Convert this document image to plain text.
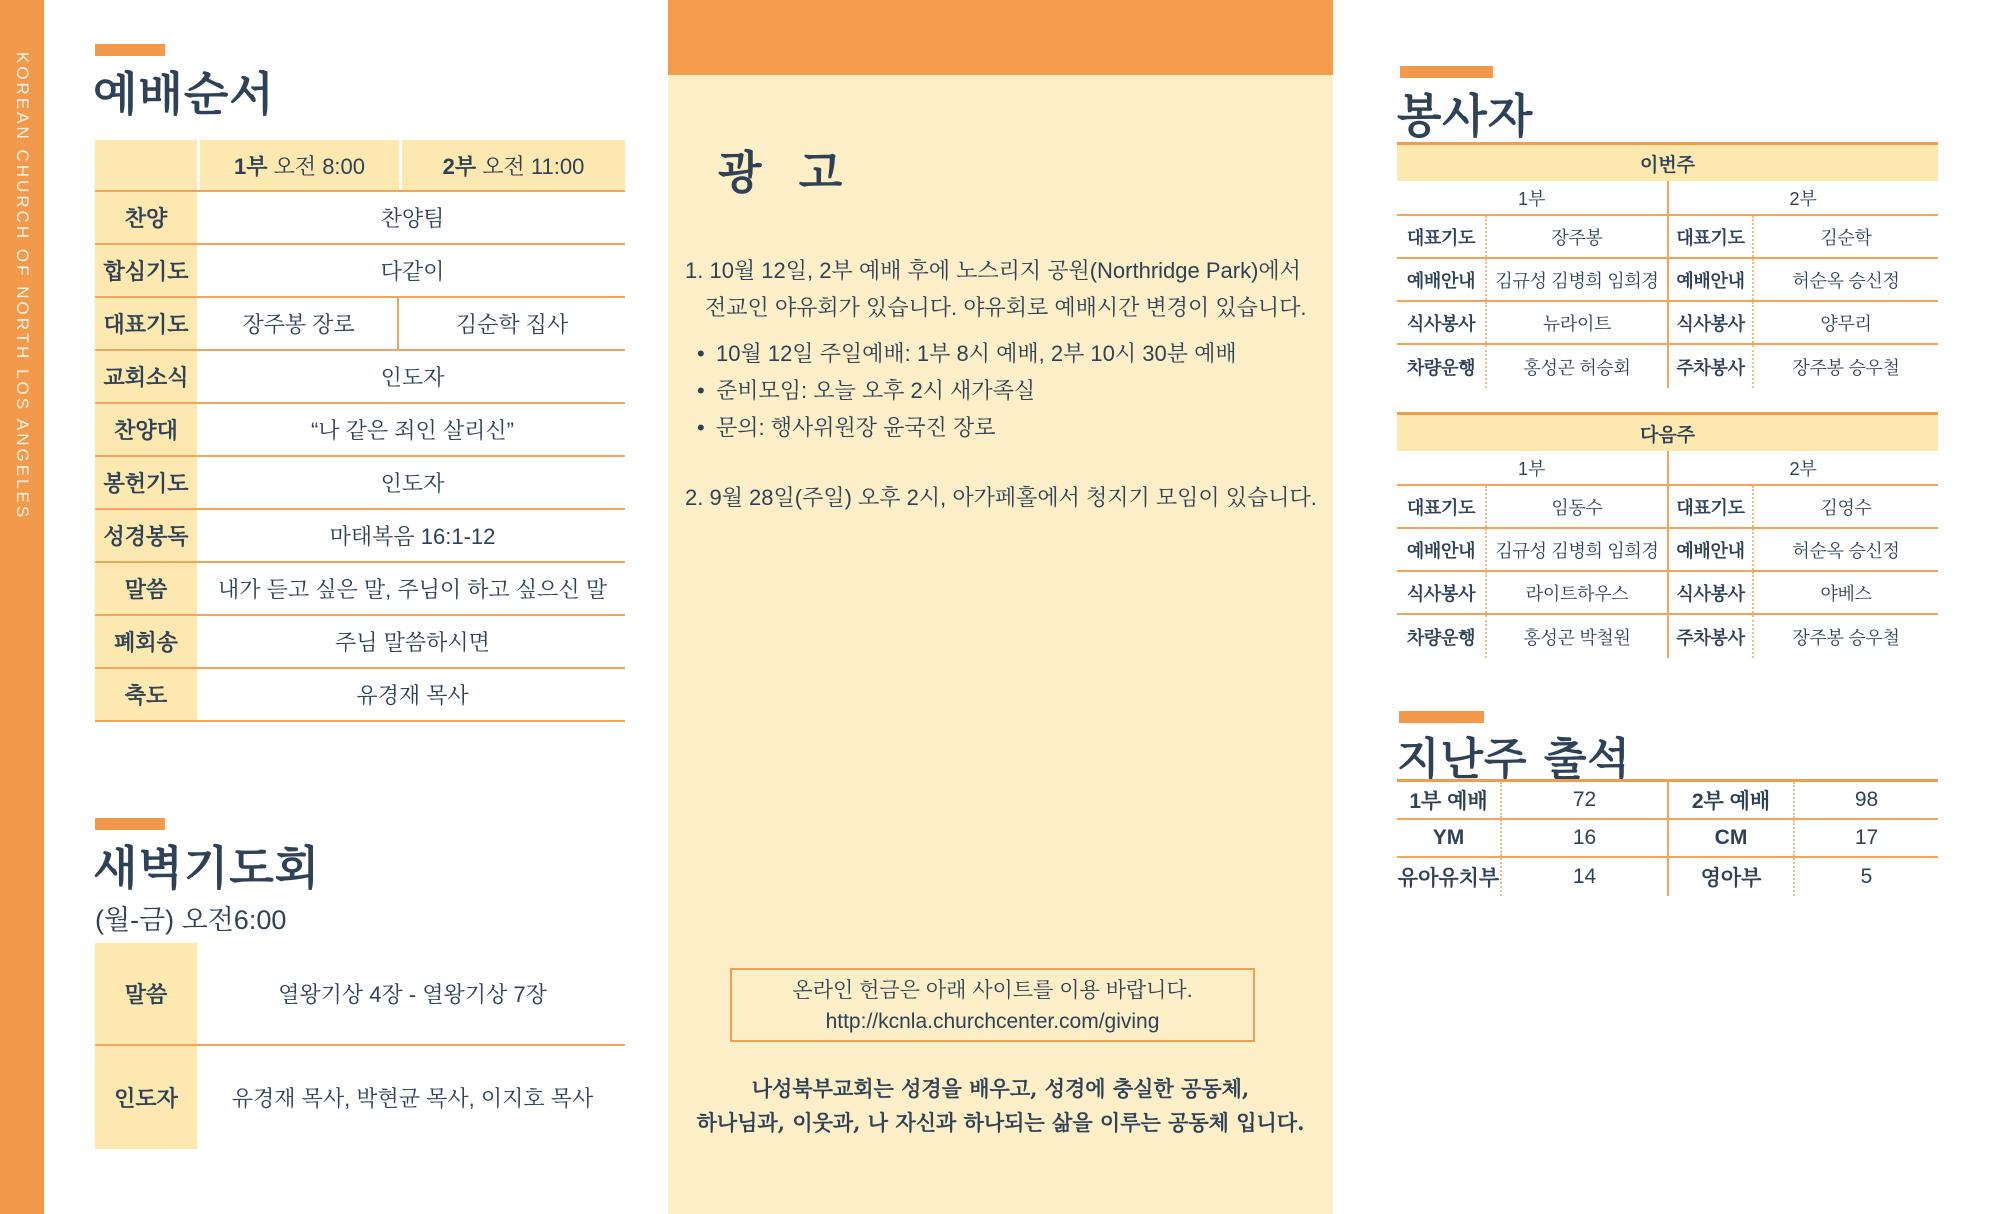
KOREAN CHURCH OF NORTH LOS ANGELES 예배순서
1부 오전 8:00	2부 오전 11:00
찬양	찬양팀
합심기도	다같이
대표기도	장주봉 장로	김순학 집사
교회소식	인도자
찬양대	“나 같은 죄인 살리신”
봉헌기도	인도자
성경봉독	마태복음 16:1-12
말씀	내가 듣고 싶은 말, 주님이 하고 싶으신 말
폐회송	주님 말씀하시면
축도	유경재 목사
새벽기도회
(월-금) 오전6:00
말씀	열왕기상 4장 - 열왕기상 7장
인도자	유경재 목사, 박현균 목사, 이지호 목사
광  고

1. 10월 12일, 2부 예배 후에 노스리지 공원(Northridge Park)에서
전교인 야유회가 있습니다. 야유회로 예배시간 변경이 있습니다.

• 10월 12일 주일예배: 1부 8시 예배, 2부 10시 30분 예배
• 준비모임: 오늘 오후 2시 새가족실
• 문의: 행사위원장 윤국진 장로

2. 9월 28일(주일) 오후 2시, 아가페홀에서 청지기 모임이 있습니다.

온라인 헌금은 아래 사이트를 이용 바랍니다.
http://kcnla.churchcenter.com/giving
나성북부교회는 성경을 배우고, 성경에 충실한 공동체,
하나님과, 이웃과, 나 자신과 하나되는 삶을 이루는 공동체 입니다.
봉사자
이번주
1부	2부
대표기도	장주봉	대표기도	김순학
예배안내	김규성 김병희 임희경 예배안내	허순옥 승신정
식사봉사	뉴라이트	식사봉사	양무리
차량운행	홍성곤 허승회	주차봉사	장주봉 승우철
다음주
1부	2부
대표기도	임동수	대표기도	김영수
예배안내	김규성 김병희 임희경 예배안내	허순옥 승신정
식사봉사	라이트하우스	식사봉사	야베스
차량운행	홍성곤 박철원	주차봉사	장주봉 승우철
지난주 출석
1부 예배	72	2부 예배	98
YM	16	CM	17
유아유치부	14	영아부	5
